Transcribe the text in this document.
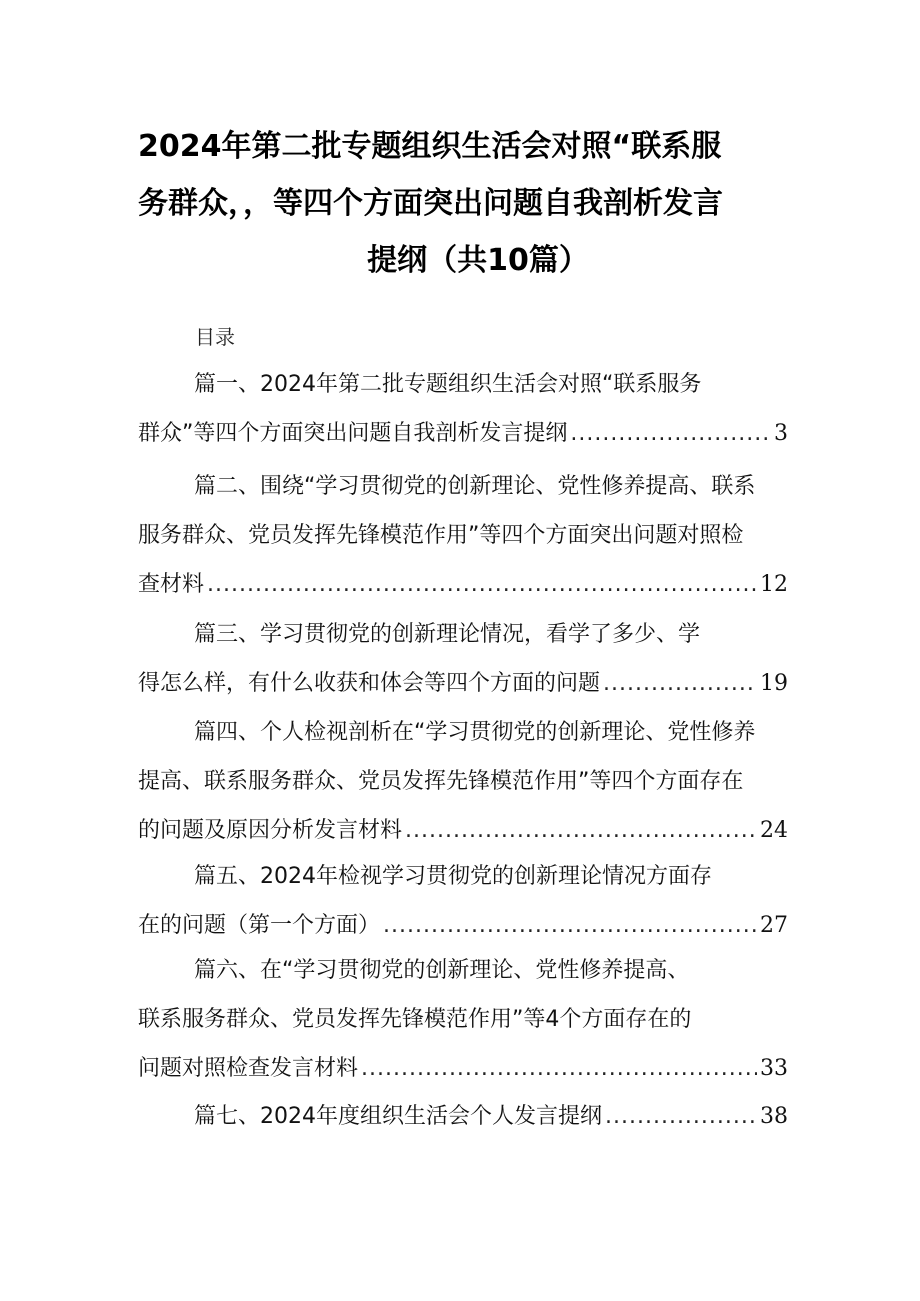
2024年第二批专题组织生活会对照“联系服
务群众，，等四个方面突出问题自我剖析发言
提纲（共10篇）
目录
篇一、2024年第二批专题组织生活会对照“联系服务
群众”等四个方面突出问题自我剖析发言提纲 .....	3
篇二、围绕“学习贯彻党的创新理论、党性修养提高、联系
服务群众、党员发挥先锋模范作用”等四个方面突出问题对照检
查材料 .....	12
篇三、学习贯彻党的创新理论情况，看学了多少、学
得怎么样，有什么收获和体会等四个方面的问题 .....	19
篇四、个人检视剖析在“学习贯彻党的创新理论、党性修养
提高、联系服务群众、党员发挥先锋模范作用”等四个方面存在
的问题及原因分析发言材料 .....	24
篇五、2024年检视学习贯彻党的创新理论情况方面存
在的问题（第一个方面） .....	27
篇六、在“学习贯彻党的创新理论、党性修养提高、
联系服务群众、党员发挥先锋模范作用”等4个方面存在的
问题对照检查发言材料 .....	33
篇七、2024年度组织生活会个人发言提纲 .....	38
